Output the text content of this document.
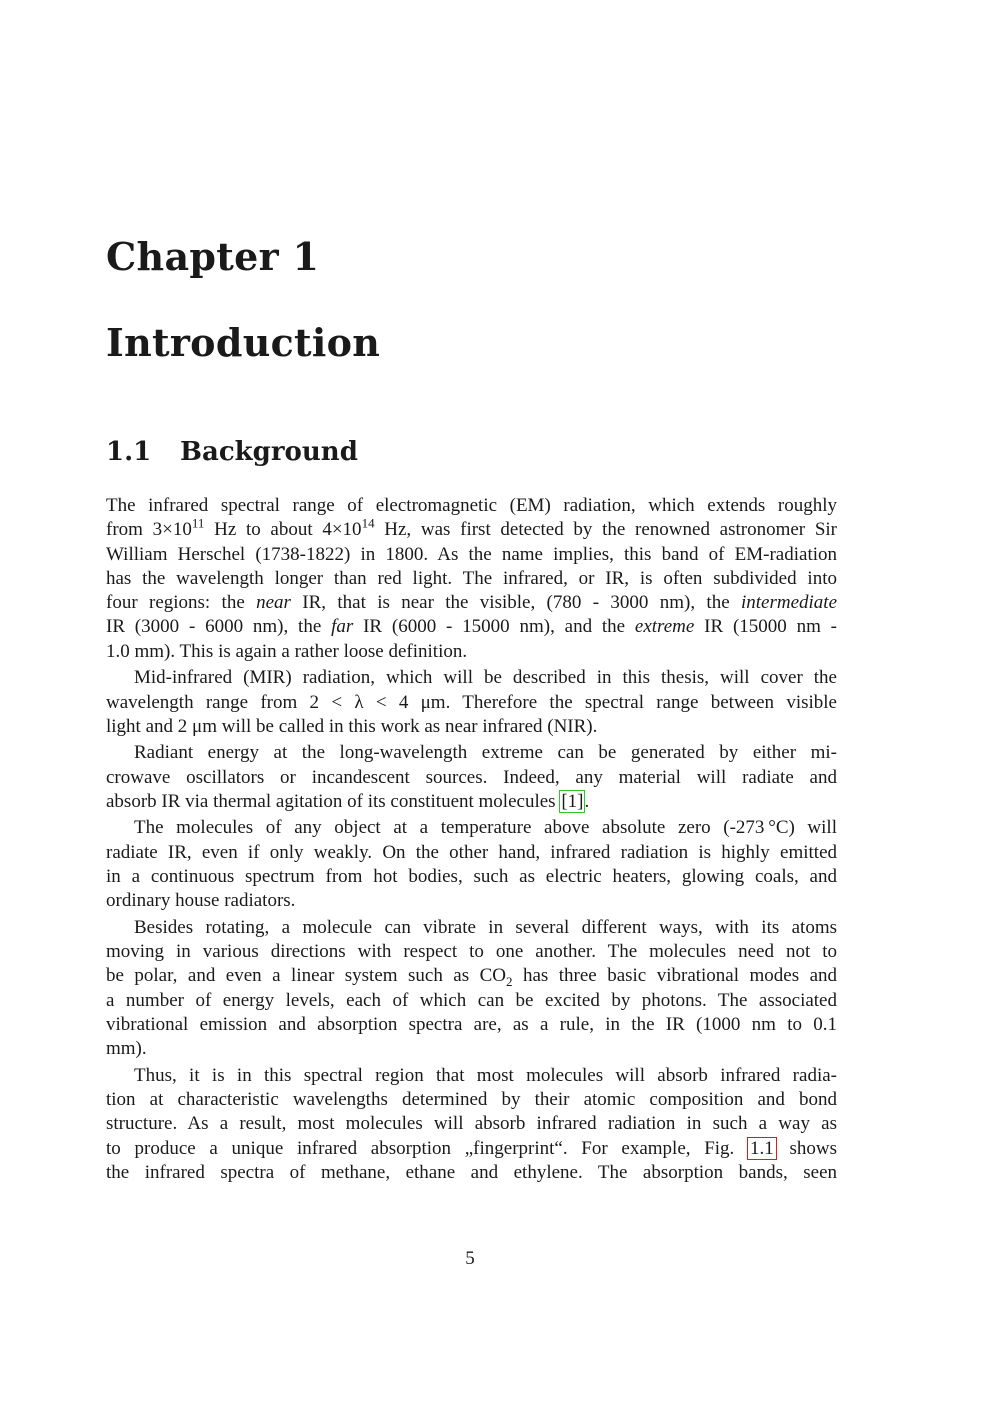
Chapter 1
Introduction
1.1 Background

The infrared spectral range of electromagnetic (EM) radiation, which extends roughly
from $3\times 10^{11}$ Hz to about $4\times 10^{14}$ Hz, was first detected by the renowned astronomer Sir
William Herschel (1738-1822) in 1800. As the name implies, this band of EM-radiation
has the wavelength longer than red light. The infrared, or IR, is often subdivided into
four regions: the near IR, that is near the visible, (780 - 3000 nm), the intermediate
IR (3000 - 6000 nm), the far IR (6000 - 15000 nm), and the extreme IR (15000 nm -
1.0 mm). This is again a rather loose definition.

Mid-infrared (MIR) radiation, which will be described in this thesis, will cover the
wavelength range from 2 < λ < 4 μm. Therefore the spectral range between visible
light and 2 μm will be called in this work as near infrared (NIR).

Radiant energy at the long-wavelength extreme can be generated by either mi-
crowave oscillators or incandescent sources. Indeed, any material will radiate and
absorb IR via thermal agitation of its constituent molecules [1].

The molecules of any object at a temperature above absolute zero (-273 °C) will
radiate IR, even if only weakly. On the other hand, infrared radiation is highly emitted
in a continuous spectrum from hot bodies, such as electric heaters, glowing coals, and
ordinary house radiators.

Besides rotating, a molecule can vibrate in several different ways, with its atoms
moving in various directions with respect to one another. The molecules need not to
be polar, and even a linear system such as $CO_2$ has three basic vibrational modes and
a number of energy levels, each of which can be excited by photons. The associated
vibrational emission and absorption spectra are, as a rule, in the IR (1000 nm to 0.1
mm).

Thus, it is in this spectral region that most molecules will absorb infrared radia-
tion at characteristic wavelengths determined by their atomic composition and bond
structure. As a result, most molecules will absorb infrared radiation in such a way as
to produce a unique infrared absorption „fingerprint“. For example, Fig. 1.1 shows
the infrared spectra of methane, ethane and ethylene. The absorption bands, seen

5
